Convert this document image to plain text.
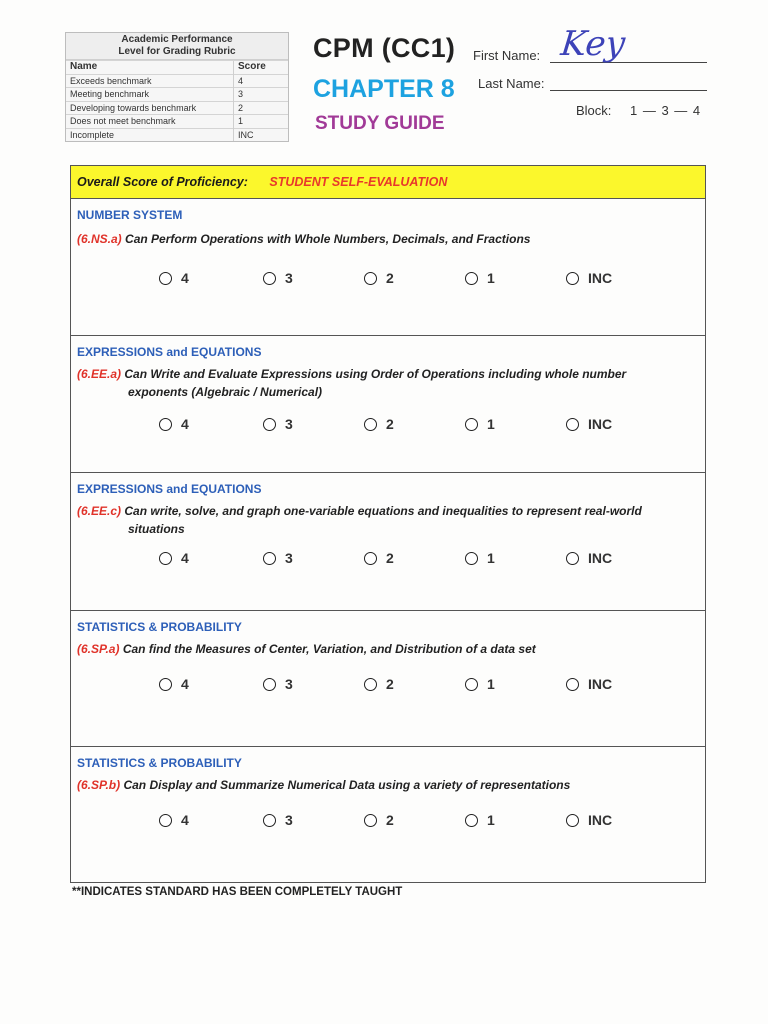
Academic Performance
Level for Grading Rubric
Name	Score
Exceeds benchmark	4
Meeting benchmark	3
Developing towards benchmark	2
Does not meet benchmark	1
Incomplete	INC
CPM (CC1)
CHAPTER 8
STUDY GUIDE
First Name: Key
Last Name:
Block: 1 — 3 — 4
Overall Score of Proficiency: STUDENT SELF-EVALUATION
NUMBER SYSTEM
(6.NS.a) Can Perform Operations with Whole Numbers, Decimals, and Fractions
4	3	2	1	INC
EXPRESSIONS and EQUATIONS
(6.EE.a) Can Write and Evaluate Expressions using Order of Operations including whole number
exponents (Algebraic / Numerical)
4	3	2	1	INC
EXPRESSIONS and EQUATIONS
(6.EE.c) Can write, solve, and graph one-variable equations and inequalities to represent real-world
situations
4	3	2	1	INC
STATISTICS & PROBABILITY
(6.SP.a) Can find the Measures of Center, Variation, and Distribution of a data set
4	3	2	1	INC
STATISTICS & PROBABILITY
(6.SP.b) Can Display and Summarize Numerical Data using a variety of representations
4	3	2	1	INC
**INDICATES STANDARD HAS BEEN COMPLETELY TAUGHT
